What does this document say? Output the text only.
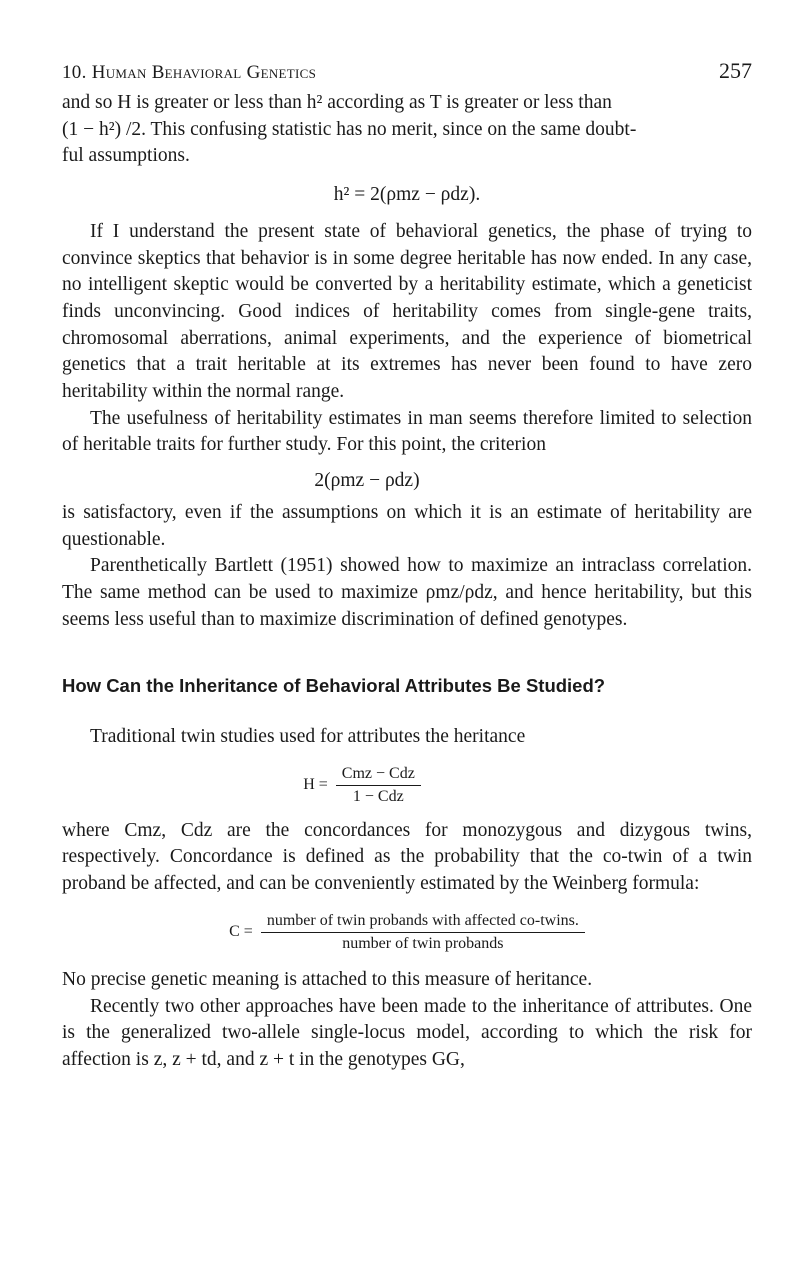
10. Human Behavioral Genetics	257

and so H is greater or less than h² according as T is greater or less than
(1 − h²) /2. This confusing statistic has no merit, since on the same doubt-
ful assumptions.

h² = 2(ρmz − ρdz).

If I understand the present state of behavioral genetics, the phase of trying to convince skeptics that behavior is in some degree heritable has now ended. In any case, no intelligent skeptic would be converted by a heritability estimate, which a geneticist finds unconvincing. Good indices of heritability comes from single-gene traits, chromosomal aberrations, animal experiments, and the experience of biometrical genetics that a trait heritable at its extremes has never been found to have zero heritability within the normal range.

The usefulness of heritability estimates in man seems therefore limited to selection of heritable traits for further study. For this point, the criterion

2(ρmz − ρdz)

is satisfactory, even if the assumptions on which it is an estimate of heritability are questionable.

Parenthetically Bartlett (1951) showed how to maximize an intraclass correlation. The same method can be used to maximize ρmz/ρdz, and hence heritability, but this seems less useful than to maximize discrimination of defined genotypes.

How Can the Inheritance of Behavioral Attributes Be Studied?

Traditional twin studies used for attributes the heritance

$H = \frac{\text{Cmz − Cdz}}{\text{1 − Cdz}}$

where Cmz, Cdz are the concordances for monozygous and dizygous twins, respectively. Concordance is defined as the probability that the co-twin of a twin proband be affected, and can be conveniently estimated by the Weinberg formula:

$C = \frac{\text{number of twin probands with affected co-twins.}}{\text{number of twin probands}}$

No precise genetic meaning is attached to this measure of heritance.

Recently two other approaches have been made to the inheritance of attributes. One is the generalized two-allele single-locus model, according to which the risk for affection is z, z + td, and z + t in the genotypes GG,
